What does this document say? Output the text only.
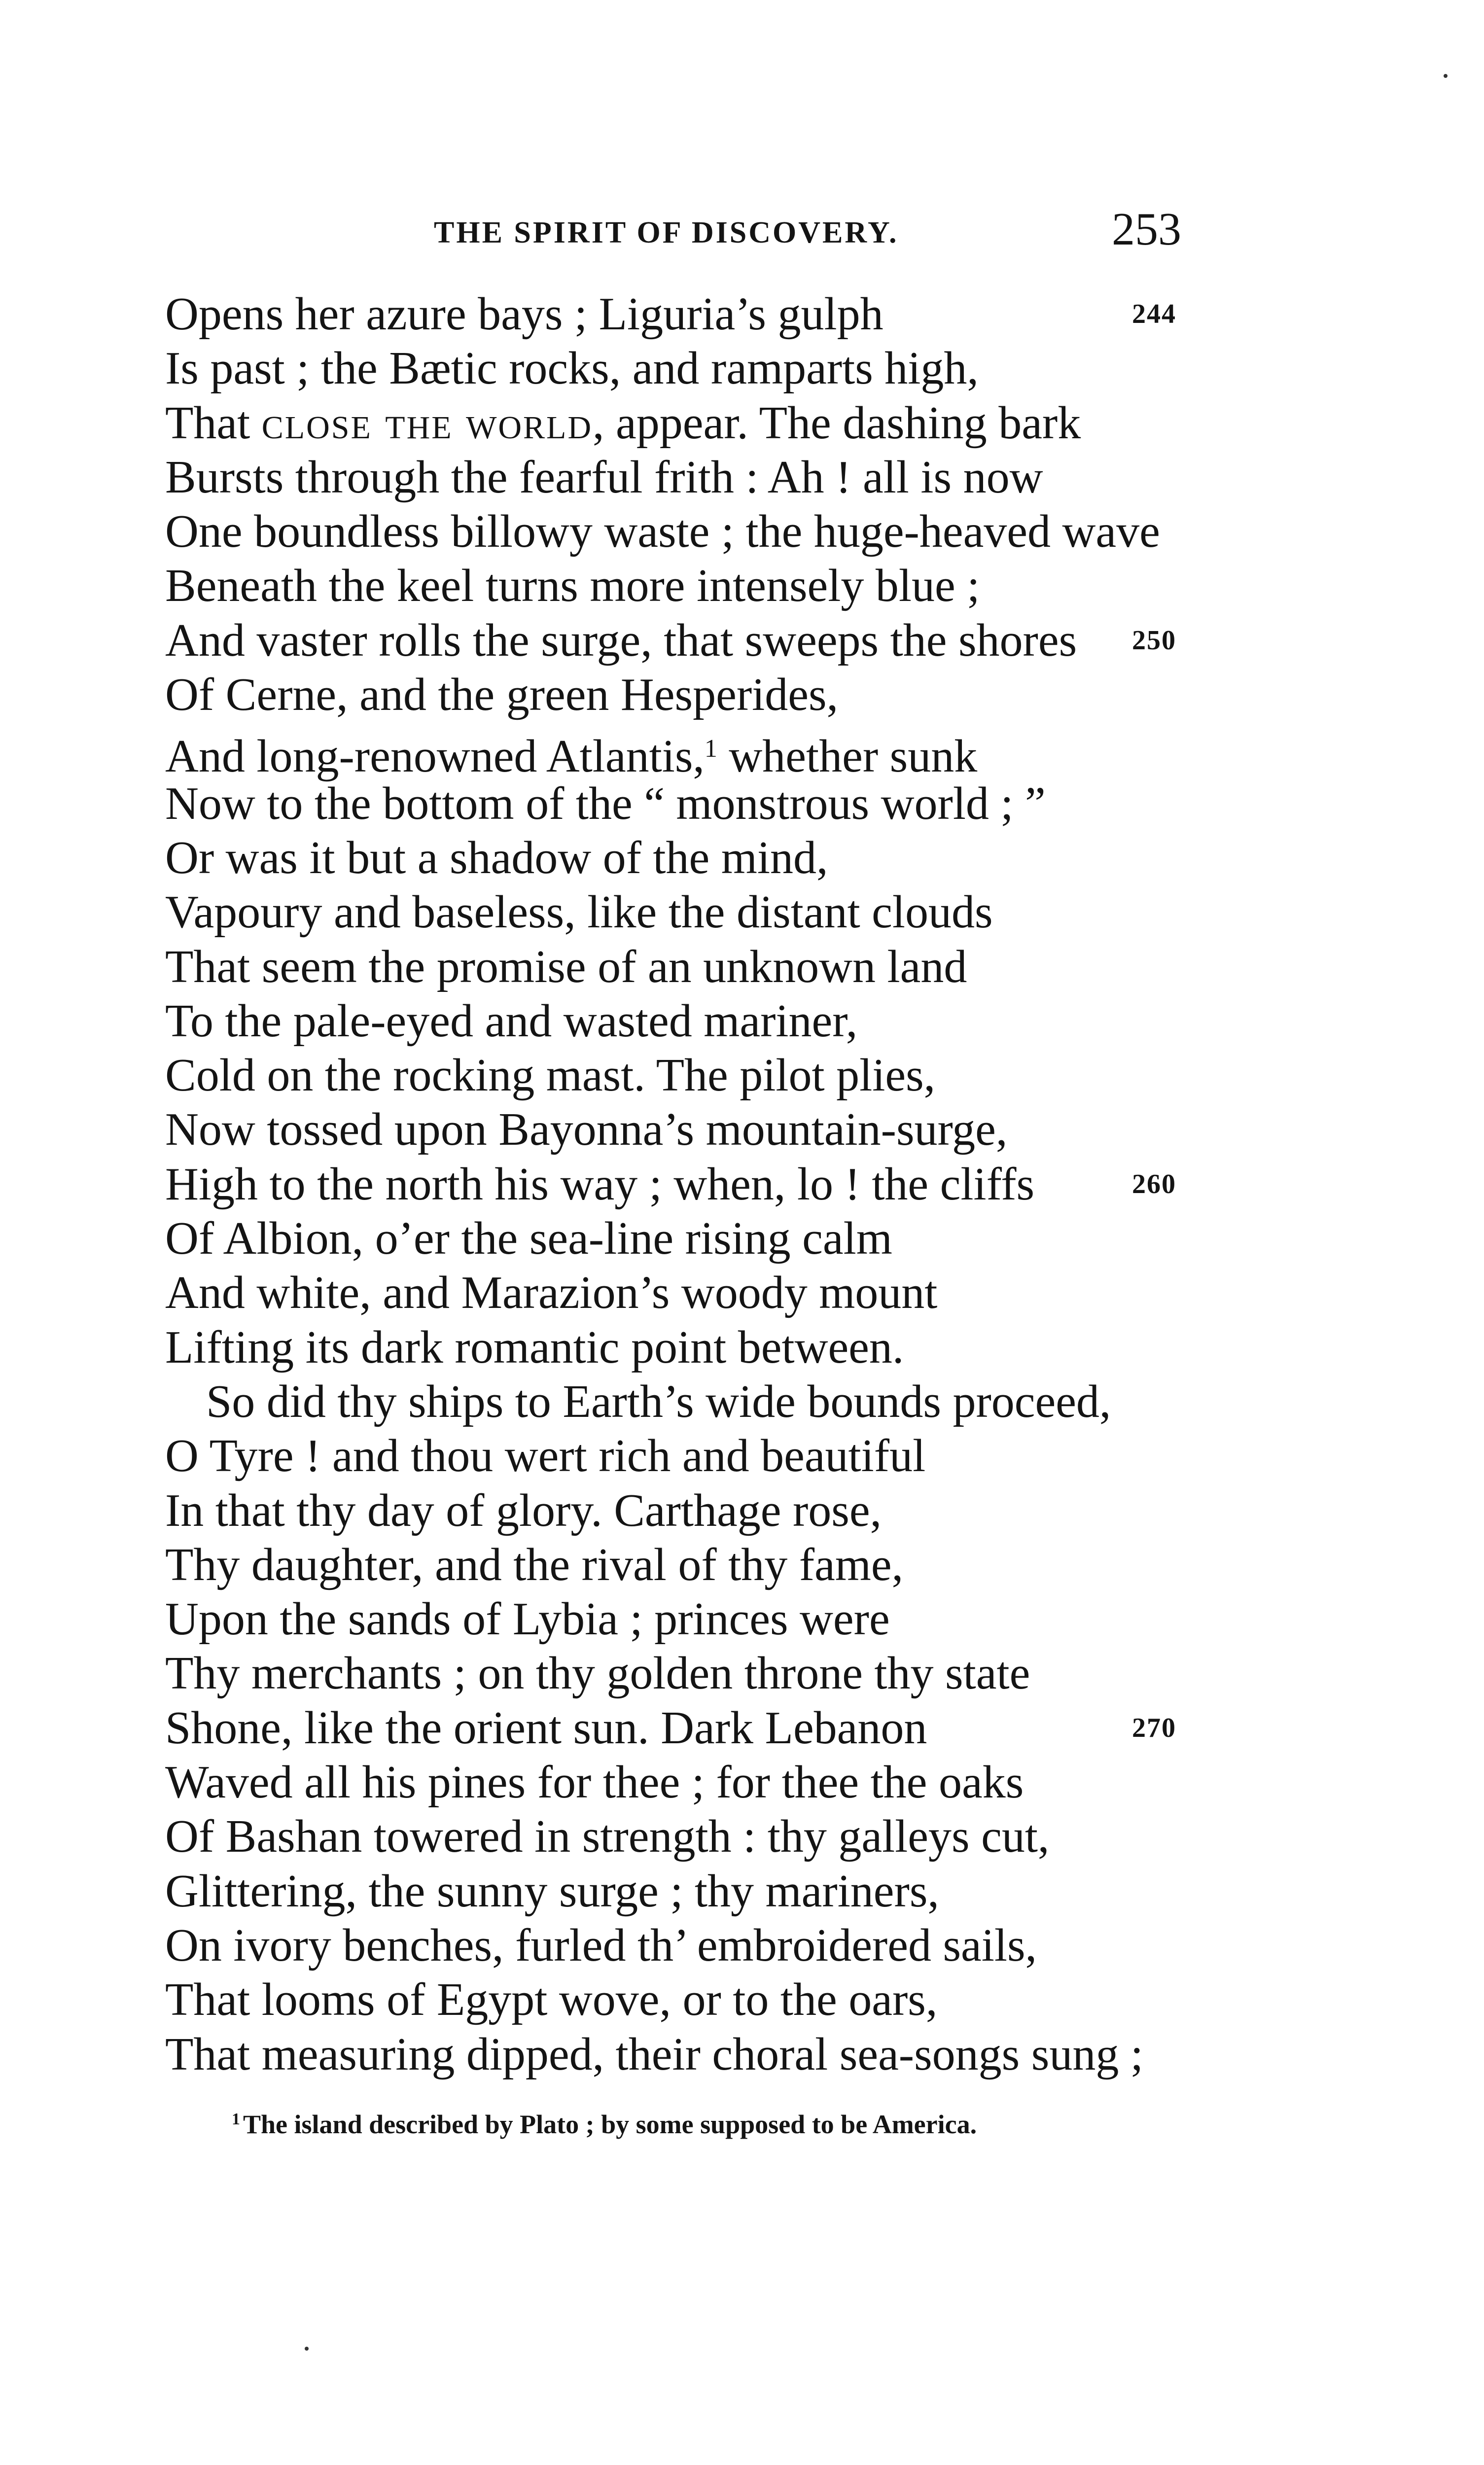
THE SPIRIT OF DISCOVERY.	253
Opens her azure bays ; Liguria’s gulph	244
Is past ; the Bætic rocks, and ramparts high,
That close the world, appear. The dashing bark
Bursts through the fearful frith : Ah ! all is now
One boundless billowy waste ; the huge-heaved wave
Beneath the keel turns more intensely blue ;
And vaster rolls the surge, that sweeps the shores 250
Of Cerne, and the green Hesperides,
And long-renowned Atlantis,$^1$ whether sunk
Now to the bottom of the “ monstrous world ; ”
Or was it but a shadow of the mind,
Vapoury and baseless, like the distant clouds
That seem the promise of an unknown land
To the pale-eyed and wasted mariner,
Cold on the rocking mast. The pilot plies,
Now tossed upon Bayonna’s mountain-surge,
High to the north his way ; when, lo ! the cliffs	260
Of Albion, o’er the sea-line rising calm
And white, and Marazion’s woody mount
Lifting its dark romantic point between.
So did thy ships to Earth’s wide bounds proceed,
O Tyre ! and thou wert rich and beautiful
In that thy day of glory. Carthage rose,
Thy daughter, and the rival of thy fame,
Upon the sands of Lybia ; princes were
Thy merchants ; on thy golden throne thy state
Shone, like the orient sun. Dark Lebanon	270
Waved all his pines for thee ; for thee the oaks
Of Bashan towered in strength : thy galleys cut,
Glittering, the sunny surge ; thy mariners,
On ivory benches, furled th’ embroidered sails,
That looms of Egypt wove, or to the oars,
That measuring dipped, their choral sea-songs sung ;
$^1$ The island described by Plato ; by some supposed to be America.
